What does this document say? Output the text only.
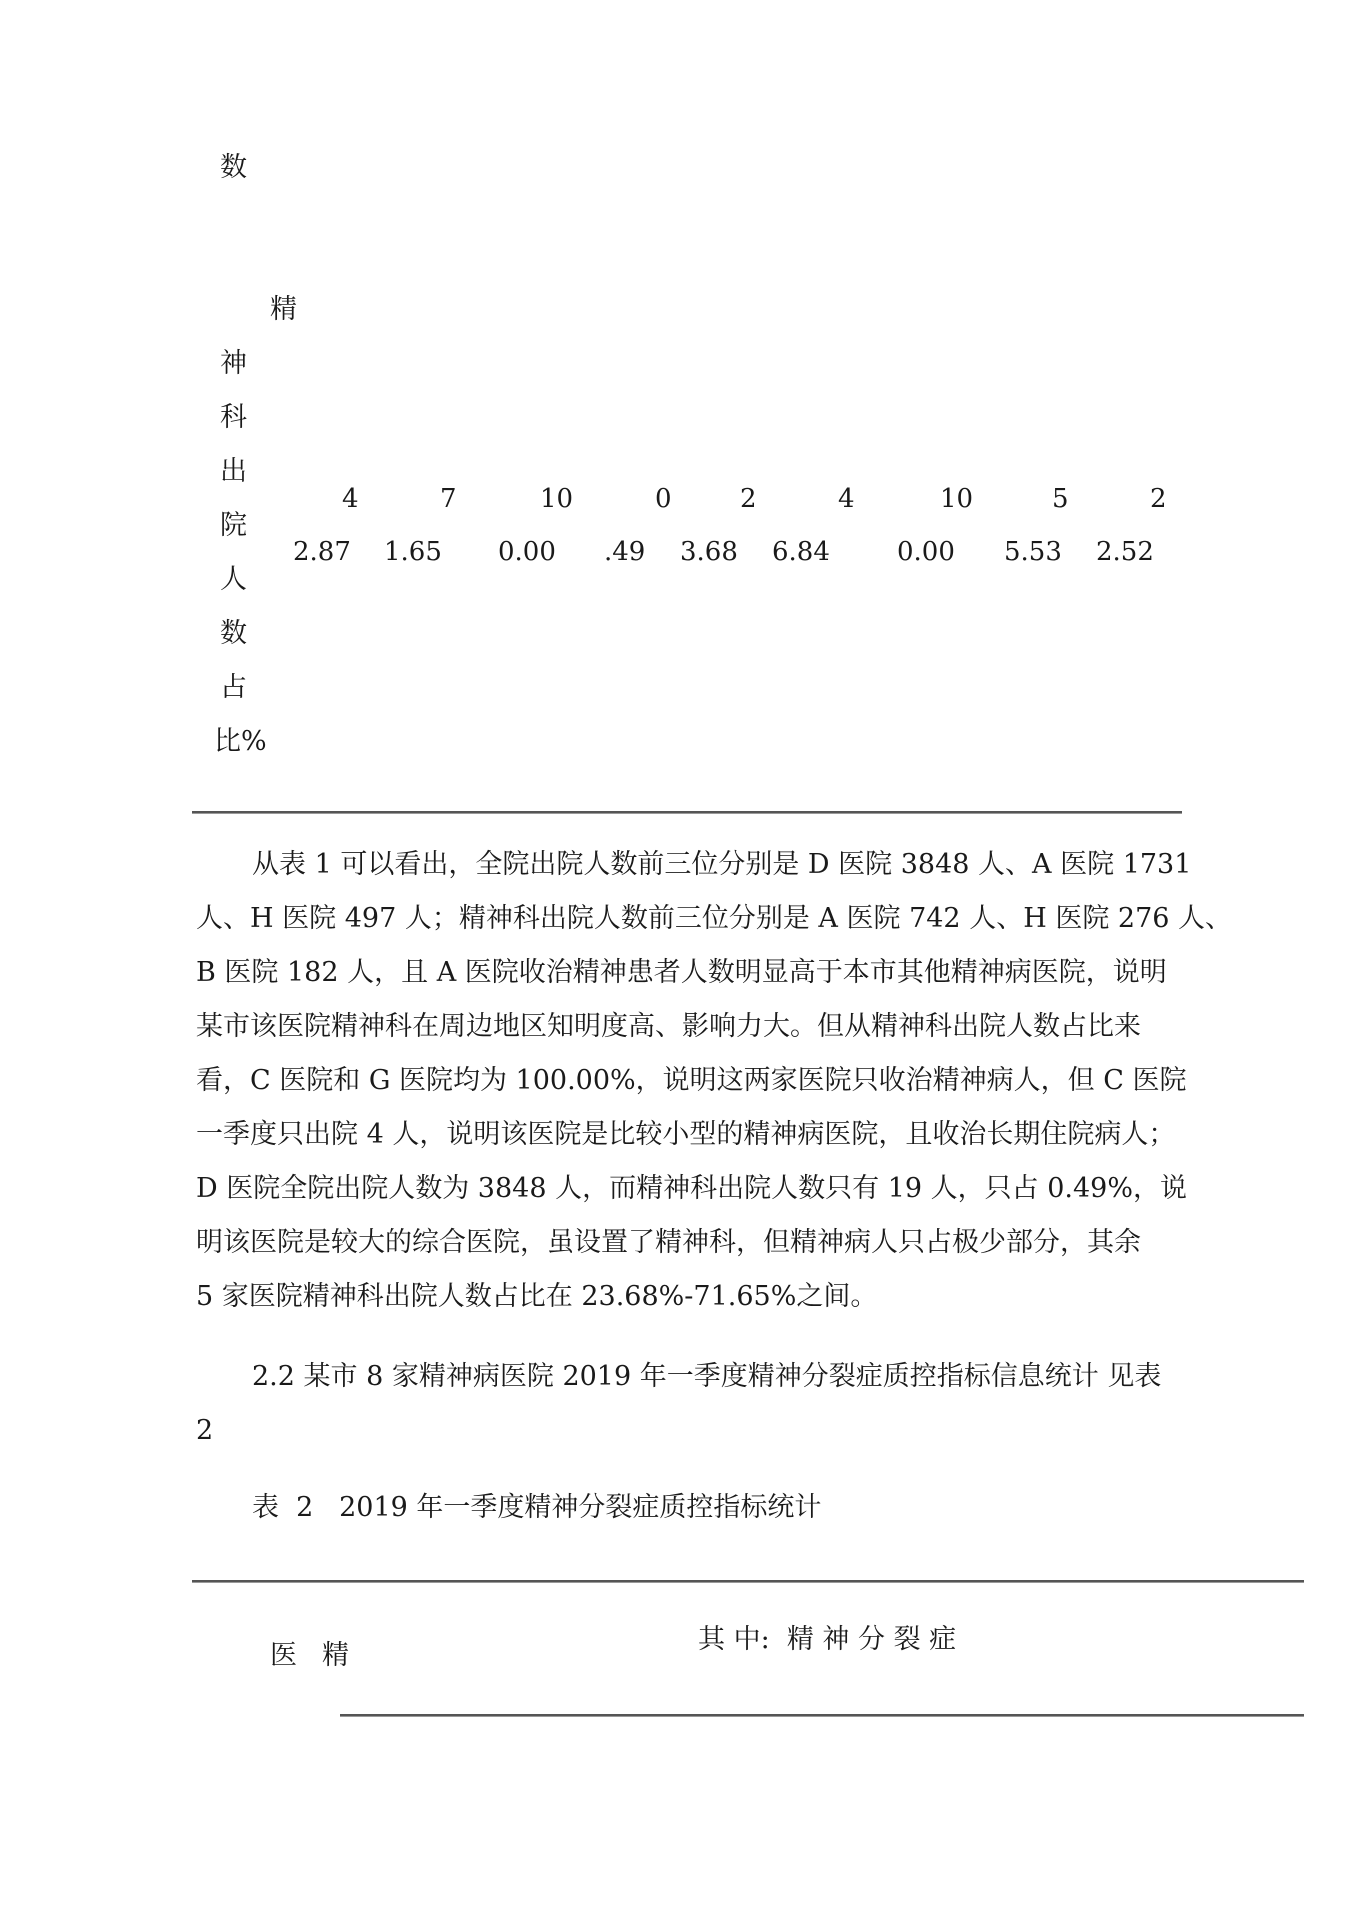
数
精
神
科
出
院
人
数
占
比%
4	7	10	0	2	4	10	5	2
2.87 1.65 0.00 .49 3.68 6.84	0.00 5.53 2.52
从表 1 可以看出，全院出院人数前三位分别是 D 医院 3848 人、A 医院 1731
人、H 医院 497 人；精神科出院人数前三位分别是 A 医院 742 人、H 医院 276 人、
B 医院 182 人，且 A 医院收治精神患者人数明显高于本市其他精神病医院，说明
某市该医院精神科在周边地区知明度高、影响力大。但从精神科出院人数占比来
看，C 医院和 G 医院均为 100.00%，说明这两家医院只收治精神病人，但 C 医院
一季度只出院 4 人，说明该医院是比较小型的精神病医院，且收治长期住院病人；
D 医院全院出院人数为 3848 人，而精神科出院人数只有 19 人，只占 0.49%，说
明该医院是较大的综合医院，虽设置了精神科，但精神病人只占极少部分，其余
5 家医院精神科出院人数占比在 23.68%-71.65%之间。
2.2 某市 8 家精神病医院 2019 年一季度精神分裂症质控指标信息统计 见表
2
表  2   2019 年一季度精神分裂症质控指标统计
医 精
其 中:  精 神 分 裂 症
